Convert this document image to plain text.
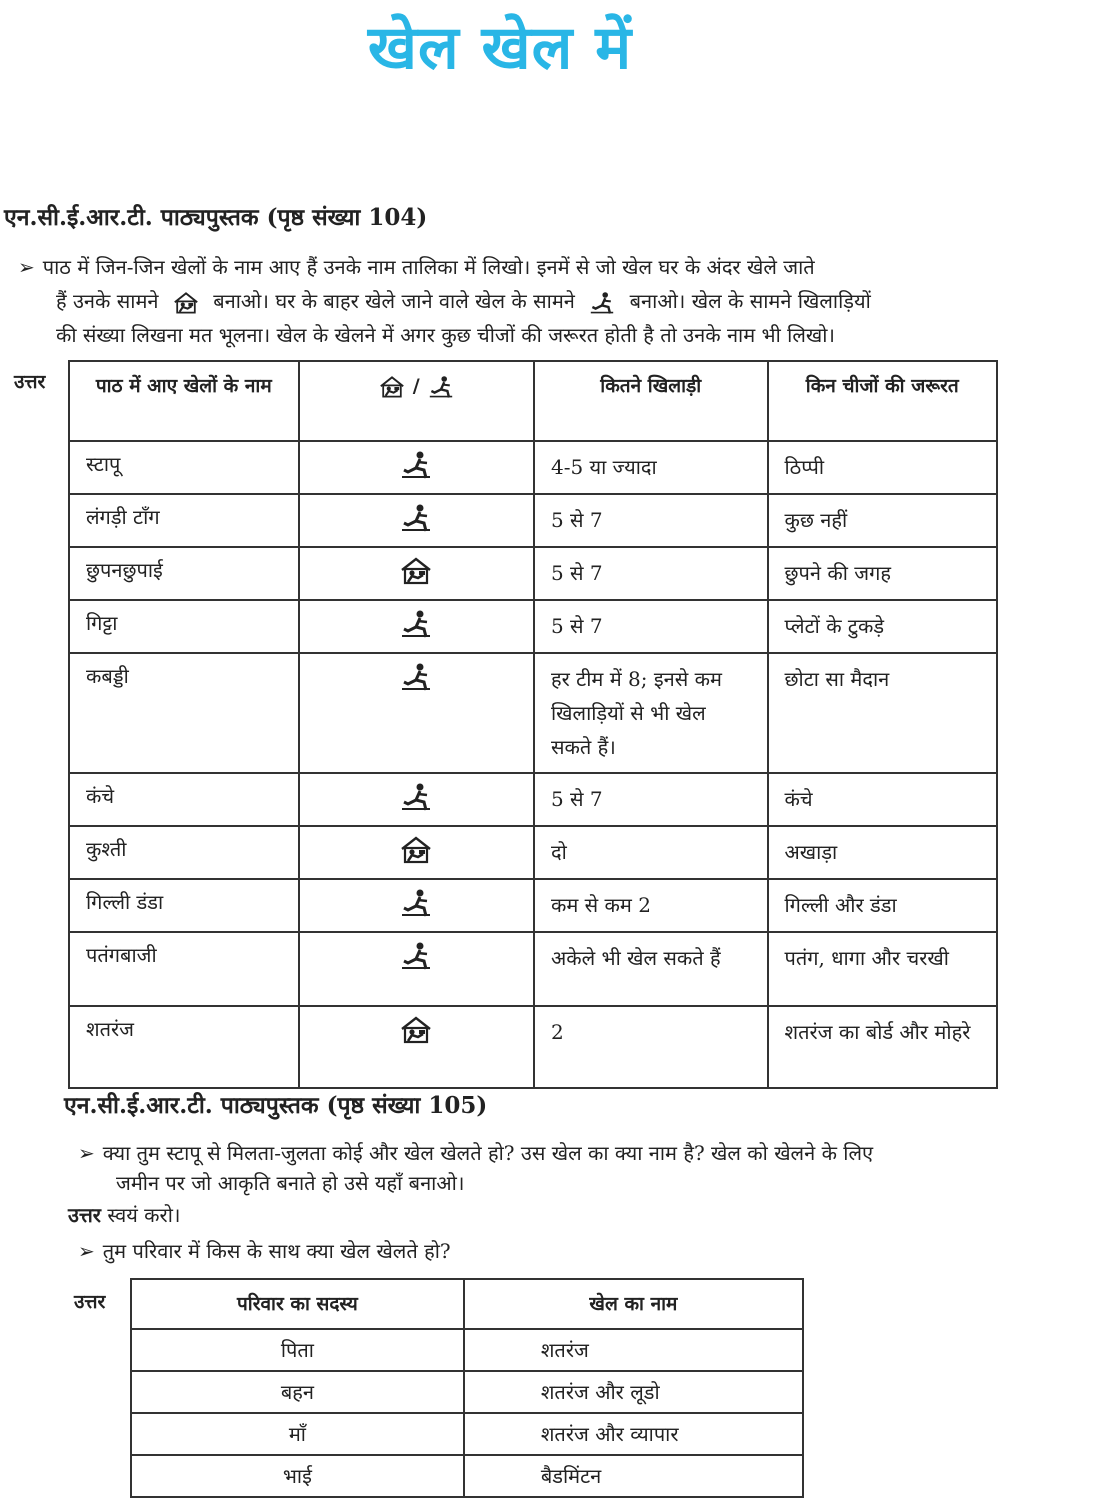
खेल खेल में
एन.सी.ई.आर.टी. पाठ्यपुस्तक (पृष्ठ संख्या 104)
➢ पाठ में जिन-जिन खेलों के नाम आए हैं उनके नाम तालिका में लिखो। इनमें से जो खेल घर के अंदर खेले जाते
हैं उनके सामने	बनाओ। घर के बाहर खेले जाने वाले खेल के सामने	बनाओ। खेल के सामने खिलाड़ियों
की संख्या लिखना मत भूलना। खेल के खेलने में अगर कुछ चीजों की जरूरत होती है तो उनके नाम भी लिखो।
उत्तर	पाठ में आए खेलों के नाम	/	कितने खिलाड़ी	किन चीजों की जरूरत
स्टापू		4-5 या ज्यादा	ठिप्पी
लंगड़ी टाँग		5 से 7	कुछ नहीं
छुपनछुपाई		5 से 7	छुपने की जगह
गिट्टा		5 से 7	प्लेटों के टुकड़े
कबड्डी		हर टीम में 8; इनसे कम खिलाड़ियों से भी खेल सकते हैं।	छोटा सा मैदान
कंचे		5 से 7	कंचे
कुश्ती		दो	अखाड़ा
गिल्ली डंडा		कम से कम 2	गिल्ली और डंडा
पतंगबाजी		अकेले भी खेल सकते हैं	पतंग, धागा और चरखी
शतरंज		2	शतरंज का बोर्ड और मोहरे
एन.सी.ई.आर.टी. पाठ्यपुस्तक (पृष्ठ संख्या 105)
➢ क्या तुम स्टापू से मिलता-जुलता कोई और खेल खेलते हो? उस खेल का क्या नाम है? खेल को खेलने के लिए
जमीन पर जो आकृति बनाते हो उसे यहाँ बनाओ।
उत्तर स्वयं करो।
➢ तुम परिवार में किस के साथ क्या खेल खेलते हो?
उत्तर	परिवार का सदस्य	खेल का नाम
पिता	शतरंज
बहन	शतरंज और लूडो
माँ	शतरंज और व्यापार
भाई	बैडमिंटन
